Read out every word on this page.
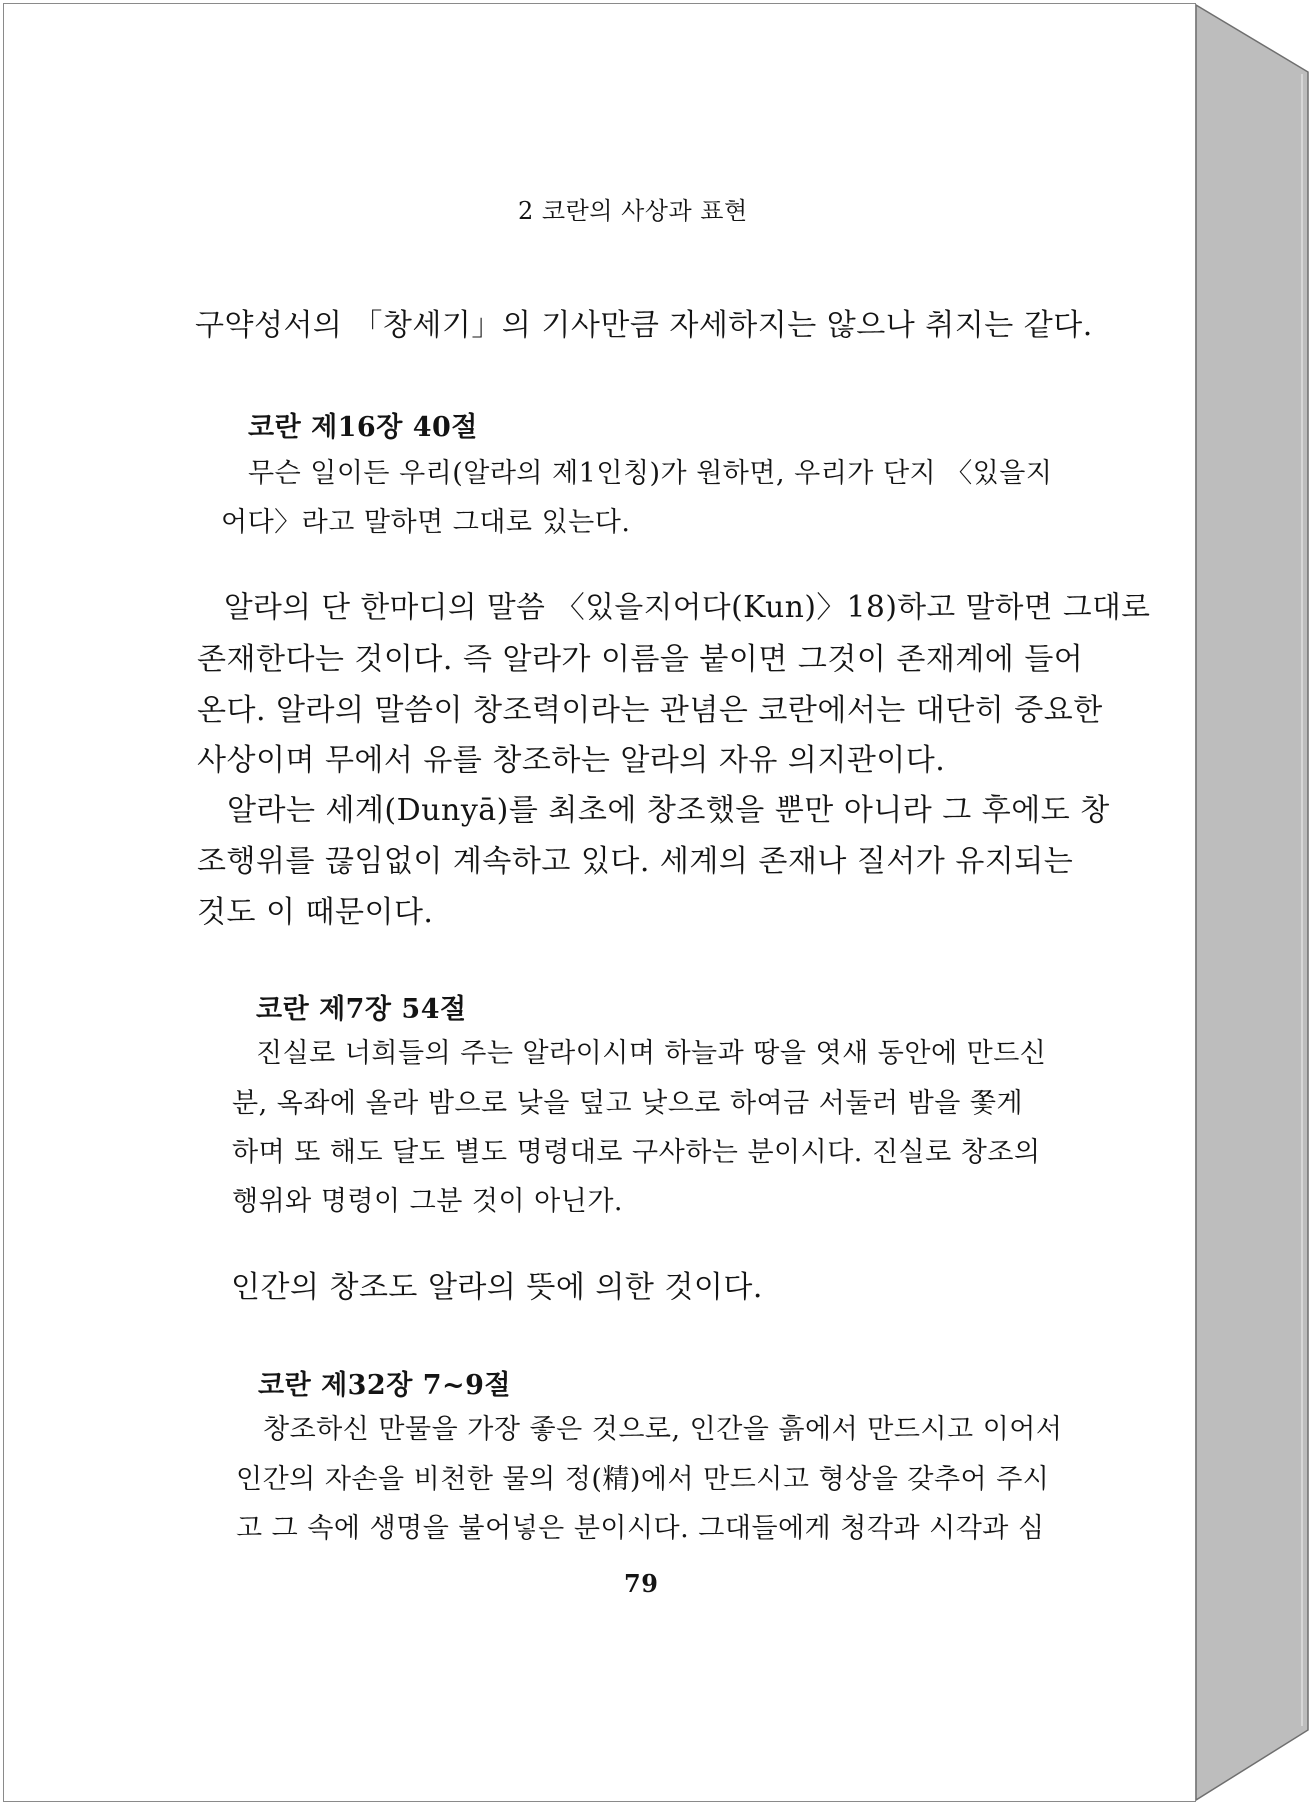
2 코란의 사상과 표현
구약성서의 「창세기」의 기사만큼 자세하지는 않으나 취지는 같다.
코란 제16장 40절
무슨 일이든 우리(알라의 제1인칭)가 원하면, 우리가 단지 〈있을지
어다〉라고 말하면 그대로 있는다.
알라의 단 한마디의 말씀 〈있을지어다(Kun)〉18)하고 말하면 그대로
존재한다는 것이다. 즉 알라가 이름을 붙이면 그것이 존재계에 들어
온다. 알라의 말씀이 창조력이라는 관념은 코란에서는 대단히 중요한
사상이며 무에서 유를 창조하는 알라의 자유 의지관이다.
알라는 세계(Dunyā)를 최초에 창조했을 뿐만 아니라 그 후에도 창
조행위를 끊임없이 계속하고 있다. 세계의 존재나 질서가 유지되는
것도 이 때문이다.
코란 제7장 54절
진실로 너희들의 주는 알라이시며 하늘과 땅을 엿새 동안에 만드신
분, 옥좌에 올라 밤으로 낮을 덮고 낮으로 하여금 서둘러 밤을 쫓게
하며 또 해도 달도 별도 명령대로 구사하는 분이시다. 진실로 창조의
행위와 명령이 그분 것이 아닌가.
인간의 창조도 알라의 뜻에 의한 것이다.
코란 제32장 7~9절
창조하신 만물을 가장 좋은 것으로, 인간을 흙에서 만드시고 이어서
인간의 자손을 비천한 물의 정(精)에서 만드시고 형상을 갖추어 주시
고 그 속에 생명을 불어넣은 분이시다. 그대들에게 청각과 시각과 심
79
